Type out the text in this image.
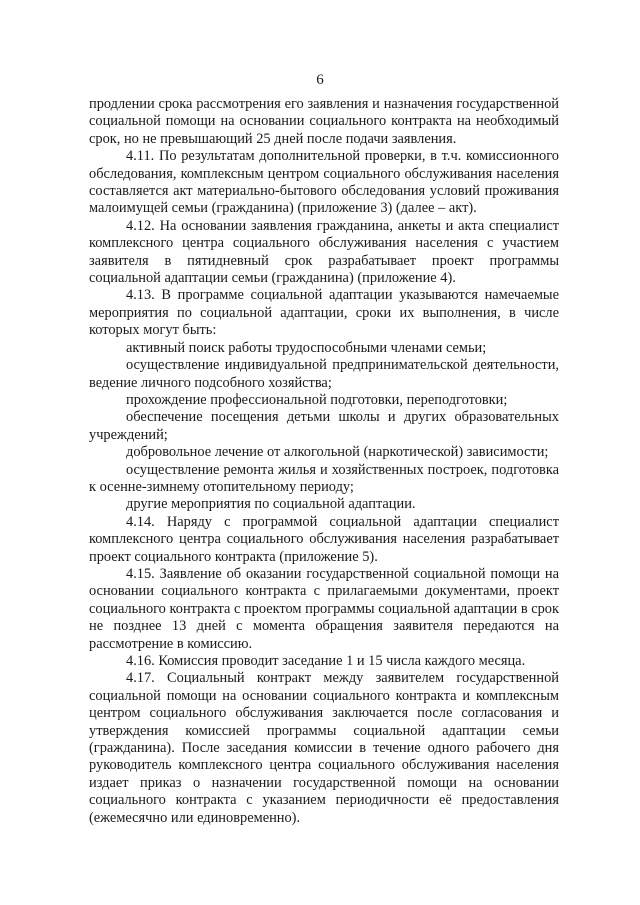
6

продлении срока рассмотрения его заявления и назначения государственной социальной помощи на основании социального контракта на необходимый срок, но не превышающий 25 дней после подачи заявления.

4.11. По результатам дополнительной проверки, в т.ч. комиссионного обследования, комплексным центром социального обслуживания населения составляется акт материально-бытового обследования условий проживания малоимущей семьи (гражданина) (приложение 3) (далее – акт).

4.12. На основании заявления гражданина, анкеты и акта специалист комплексного центра социального обслуживания населения с участием заявителя в пятидневный срок разрабатывает проект программы социальной адаптации семьи (гражданина) (приложение 4).

4.13. В программе социальной адаптации указываются намечаемые мероприятия по социальной адаптации, сроки их выполнения, в числе которых могут быть:

активный поиск работы трудоспособными членами семьи;

осуществление индивидуальной предпринимательской деятельности, ведение личного подсобного хозяйства;

прохождение профессиональной подготовки, переподготовки;

обеспечение посещения детьми школы и других образовательных учреждений;

добровольное лечение от алкогольной (наркотической) зависимости;

осуществление ремонта жилья и хозяйственных построек, подготовка к осенне-зимнему отопительному периоду;

другие мероприятия по социальной адаптации.

4.14. Наряду с программой социальной адаптации специалист комплексного центра социального обслуживания населения разрабатывает проект социального контракта (приложение 5).

4.15. Заявление об оказании государственной социальной помощи на основании социального контракта с прилагаемыми документами, проект социального контракта с проектом программы социальной адаптации в срок не позднее 13 дней с момента обращения заявителя передаются на рассмотрение в комиссию.

4.16. Комиссия проводит заседание 1 и 15 числа каждого месяца.

4.17. Социальный контракт между заявителем государственной социальной помощи на основании социального контракта и комплексным центром социального обслуживания заключается после согласования и утверждения комиссией программы социальной адаптации семьи (гражданина). После заседания комиссии в течение одного рабочего дня руководитель комплексного центра социального обслуживания населения издает приказ о назначении государственной помощи на основании социального контракта с указанием периодичности её предоставления (ежемесячно или единовременно).
